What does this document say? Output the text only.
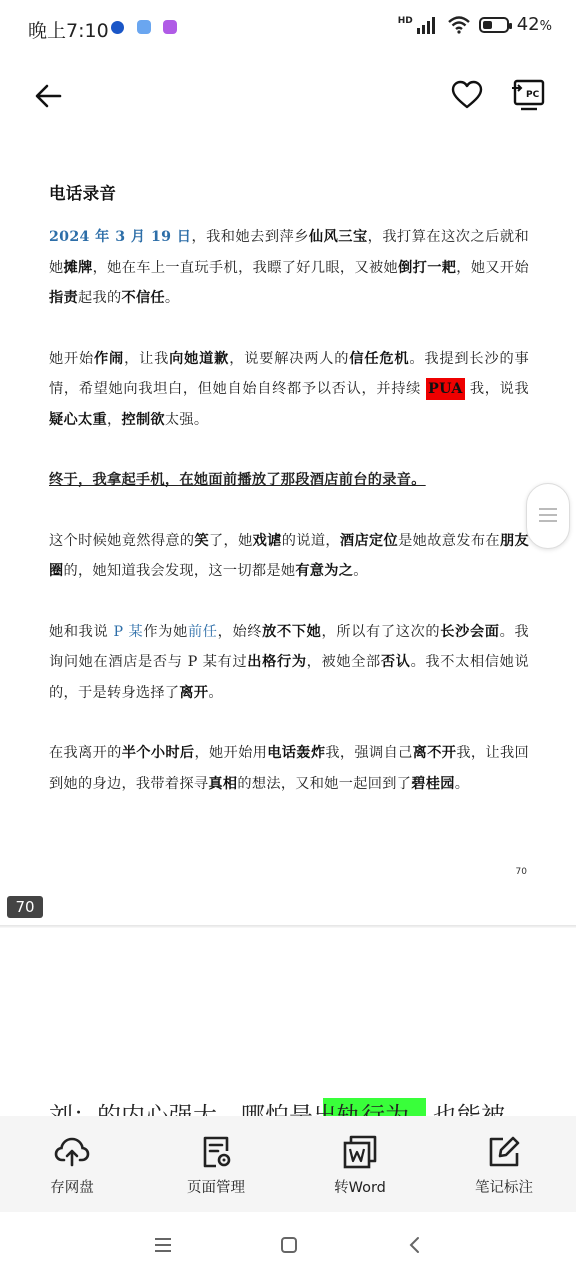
晚上7:10	HD	42%
PC
电话录音

2024 年 3 月 19 日，我和她去到萍乡仙风三宝，我打算在这次之后就和她摊牌，她在车上一直玩手机，我瞟了好几眼，又被她倒打一耙，她又开始指责起我的不信任。

她开始作闹，让我向她道歉，说要解决两人的信任危机。我提到长沙的事情，希望她向我坦白，但她自始自终都予以否认，并持续 PUA 我，说我疑心太重，控制欲太强。

终于，我拿起手机，在她面前播放了那段酒店前台的录音。

这个时候她竟然得意的笑了，她戏谑的说道，酒店定位是她故意发布在朋友圈的，她知道我会发现，这一切都是她有意为之。

她和我说 P 某作为她前任，始终放不下她，所以有了这次的长沙会面。我询问她在酒店是否与 P 某有过出格行为，被她全部否认。我不太相信她说的，于是转身选择了离开。

在我离开的半个小时后，她开始用电话轰炸我，强调自己离不开我，让我回到她的身边，我带着探寻真相的想法，又和她一起回到了碧桂园。

70
70
存网盘	页面管理	转Word	笔记标注
